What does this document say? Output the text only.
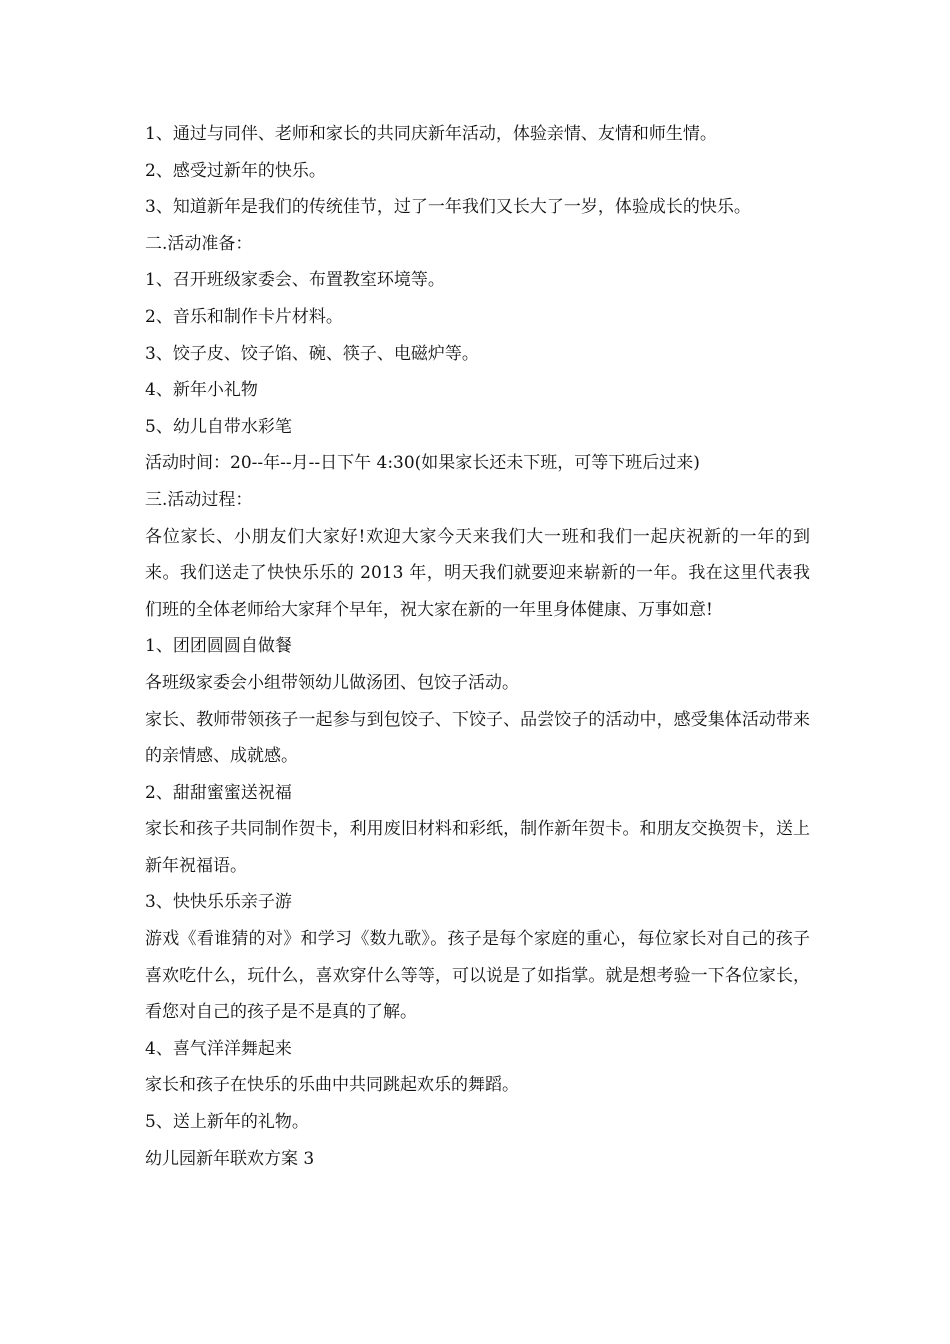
1、通过与同伴、老师和家长的共同庆新年活动，体验亲情、友情和师生情。

2、感受过新年的快乐。

3、知道新年是我们的传统佳节，过了一年我们又长大了一岁，体验成长的快乐。

二.活动准备：

1、召开班级家委会、布置教室环境等。

2、音乐和制作卡片材料。

3、饺子皮、饺子馅、碗、筷子、电磁炉等。

4、新年小礼物

5、幼儿自带水彩笔

活动时间：20--年--月--日下午 4:30(如果家长还未下班，可等下班后过来)

三.活动过程：

各位家长、小朋友们大家好!欢迎大家今天来我们大一班和我们一起庆祝新的一年的到来。我们送走了快快乐乐的 2013 年，明天我们就要迎来崭新的一年。我在这里代表我们班的全体老师给大家拜个早年，祝大家在新的一年里身体健康、万事如意!

1、团团圆圆自做餐

各班级家委会小组带领幼儿做汤团、包饺子活动。

家长、教师带领孩子一起参与到包饺子、下饺子、品尝饺子的活动中，感受集体活动带来的亲情感、成就感。

2、甜甜蜜蜜送祝福

家长和孩子共同制作贺卡，利用废旧材料和彩纸，制作新年贺卡。和朋友交换贺卡，送上新年祝福语。

3、快快乐乐亲子游

游戏《看谁猜的对》和学习《数九歌》。孩子是每个家庭的重心，每位家长对自己的孩子喜欢吃什么，玩什么，喜欢穿什么等等，可以说是了如指掌。就是想考验一下各位家长，看您对自己的孩子是不是真的了解。

4、喜气洋洋舞起来

家长和孩子在快乐的乐曲中共同跳起欢乐的舞蹈。

5、送上新年的礼物。

幼儿园新年联欢方案 3
